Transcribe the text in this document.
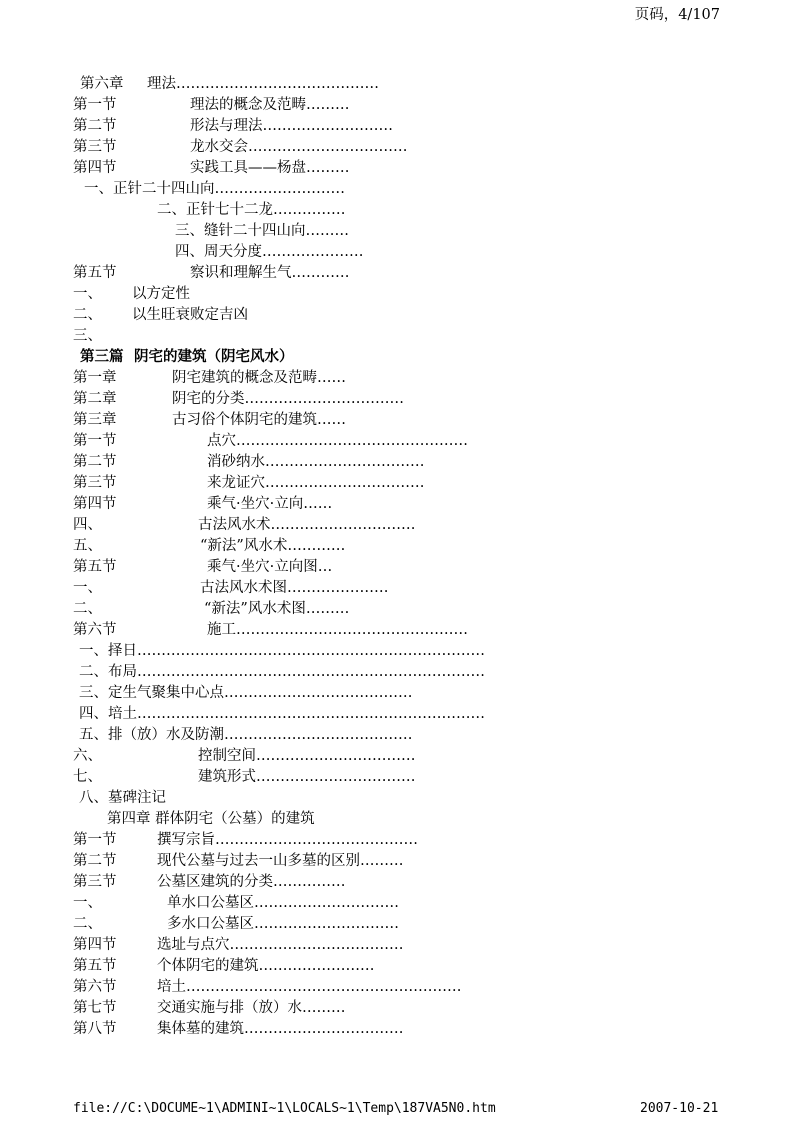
页码，4/107
第六章 理法……………………………………
第一节	理法的概念及范畴………
第二节	形法与理法………………………
第三节	龙水交会……………………………
第四节	实践工具——杨盘………
一、正针二十四山向………………………
二、正针七十二龙……………
三、缝针二十四山向………
四、周天分度…………………
第五节	察识和理解生气…………
一、 以方定性
二、 以生旺衰败定吉凶
三、
第三篇 阴宅的建筑（阴宅风水）
第一章	阴宅建筑的概念及范畴……
第二章	阴宅的分类……………………………
第三章	古习俗个体阴宅的建筑……
第一节	点穴…………………………………………
第二节	消砂纳水……………………………
第三节	来龙证穴……………………………
第四节	乘气·坐穴·立向……
四、	古法风水术…………………………
五、	“新法”风水术…………
第五节	乘气·坐穴·立向图…
一、	古法风水术图…………………
二、	“新法”风水术图………
第六节	施工…………………………………………
一、择日………………………………………………………………
二、布局………………………………………………………………
三、定生气聚集中心点…………………………………
四、培土………………………………………………………………
五、排（放）水及防潮…………………………………
六、	控制空间……………………………
七、	建筑形式……………………………
八、墓碑注记
第四章 群体阴宅（公墓）的建筑
第一节	撰写宗旨……………………………………
第二节	现代公墓与过去一山多墓的区别………
第三节	公墓区建筑的分类……………
一、	单水口公墓区…………………………
二、	多水口公墓区…………………………
第四节	选址与点穴………………………………
第五节	个体阴宅的建筑……………………
第六节	培土…………………………………………………
第七节	交通实施与排（放）水………
第八节	集体墓的建筑……………………………
file://C:\DOCUME~1\ADMINI~1\LOCALS~1\Temp\187VA5N0.htm	2007-10-21
